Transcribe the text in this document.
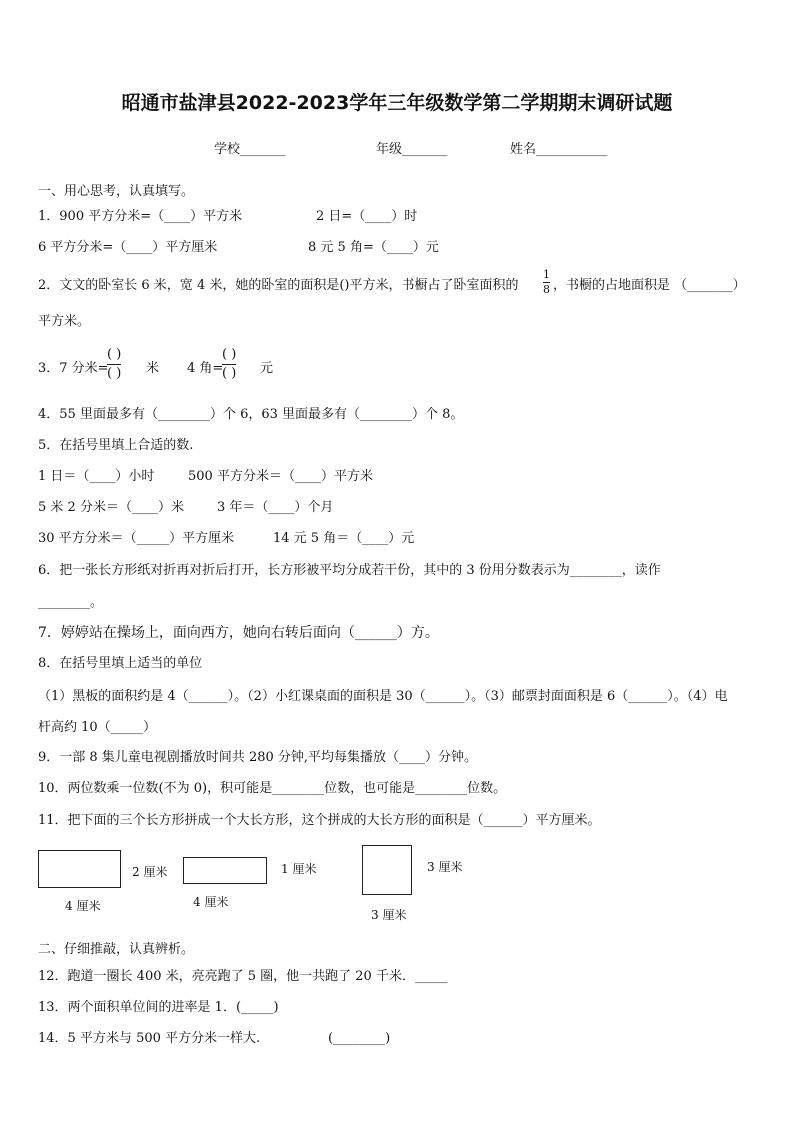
昭通市盐津县2022-2023学年三年级数学第二学期期末调研试题
学校_______	年级_______	姓名___________
一、用心思考，认真填写。
1．900 平方分米=（____）平方米	2 日=（____）时
6 平方分米=（____）平方厘米	8 元 5 角=（____）元
2．文文的卧室长 6 米，宽 4 米，她的卧室的面积是()平方米，书橱占了卧室面积的
1
8 ，书橱的占地面积是 （_______）
平方米。
3．7 分米=
( )
( ) 米 4 角=
( )
( ) 元
4．55 里面最多有（________）个 6，63 里面最多有（________）个 8。
5．在括号里填上合适的数.
1 日＝（____）小时	500 平方分米＝（____）平方米
5 米 2 分米＝（____）米	3 年＝（____）个月
30 平方分米＝（_____）平方厘米	14 元 5 角＝（____）元
6．把一张长方形纸对折再对折后打开，长方形被平均分成若干份，其中的 3 份用分数表示为________，读作
________。
7．婷婷站在操场上，面向西方，她向右转后面向（______）方。
8．在括号里填上适当的单位
（1）黑板的面积约是 4（______）。（2）小红课桌面的面积是 30（______）。（3）邮票封面面积是 6（______）。（4）电
杆高约 10（_____）
9．一部 8 集儿童电视剧播放时间共 280 分钟,平均每集播放（____）分钟。
10．两位数乘一位数(不为 0)，积可能是________位数，也可能是________位数。
11．把下面的三个长方形拼成一个大长方形，这个拼成的大长方形的面积是（______）平方厘米。
4 厘米
2 厘米
4 厘米
1 厘米
3 厘米
3 厘米
二、仔细推敲，认真辨析。
12．跑道一圈长 400 米，亮亮跑了 5 圈，他一共跑了 20 千米．_____
13．两个面积单位间的进率是 1．(_____)
14．5 平方米与 500 平方分米一样大.	(________)
